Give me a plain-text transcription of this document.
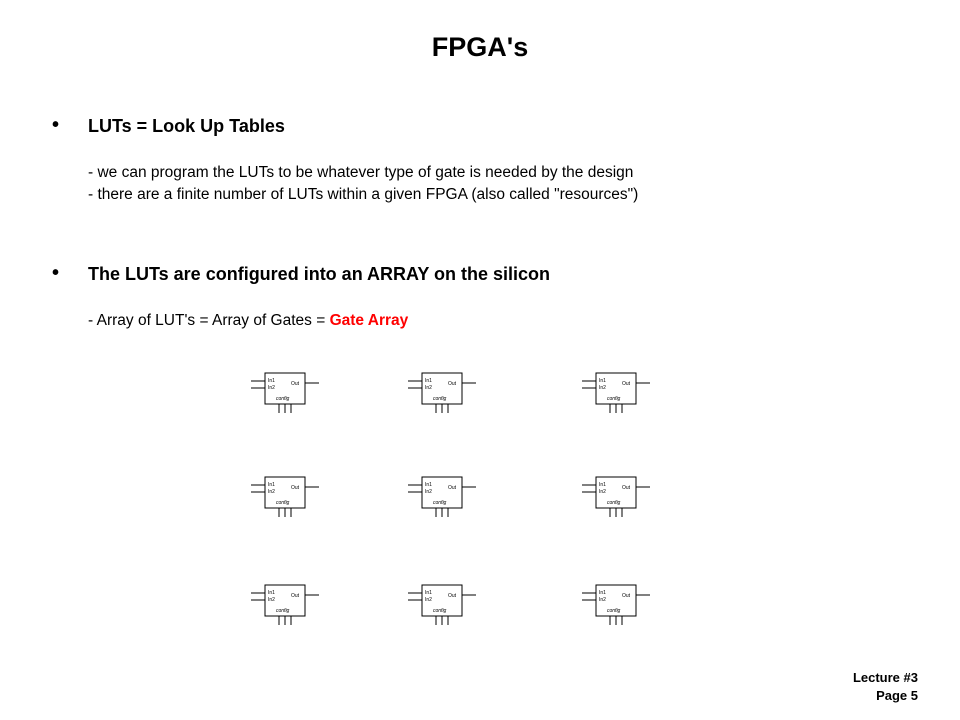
FPGA's
• LUTs = Look Up Tables
- we can program the LUTs to be whatever type of gate is needed by the design
- there are a finite number of LUTs within a given FPGA (also called "resources")
• The LUTs are configured into an ARRAY on the silicon
- Array of LUT's = Array of Gates = Gate Array
In1
In2
Out
config
In1
In2
Out
config
In1
In2
Out
config
In1
In2
Out
config
In1
In2
Out
config
In1
In2
Out
config
In1
In2
Out
config
In1
In2
Out
config
In1
In2
Out
config
Lecture #3
Page 5
